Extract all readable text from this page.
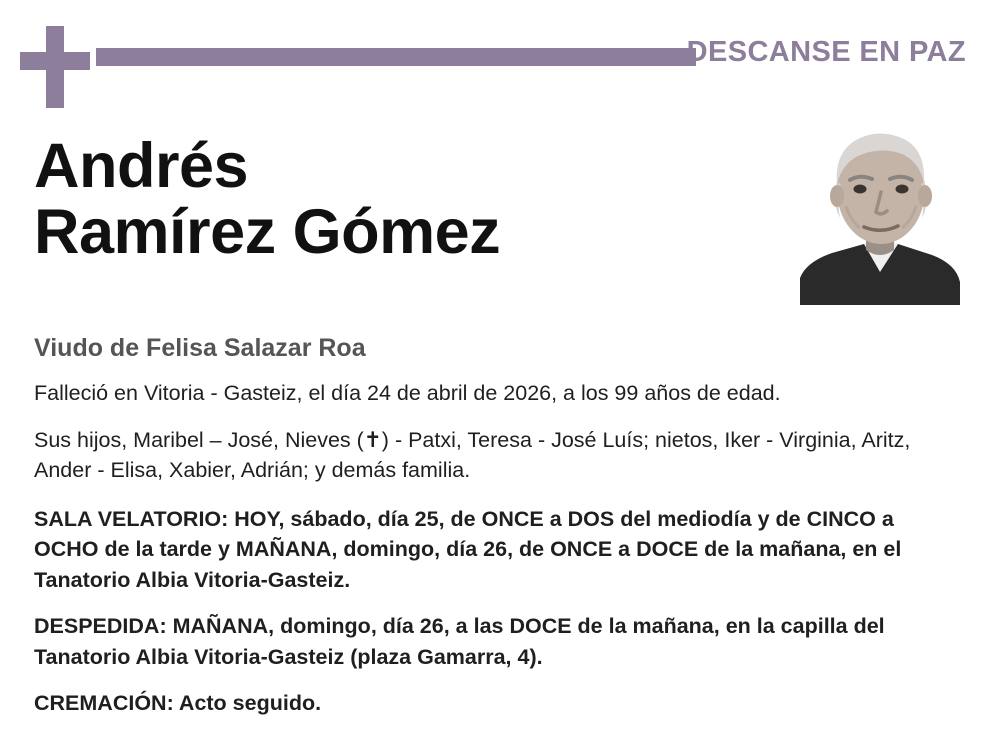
DESCANSE EN PAZ
Andrés
Ramírez Gómez
Viudo de Felisa Salazar Roa

Falleció en Vitoria - Gasteiz, el día 24 de abril de 2026, a los 99 años de edad.

Sus hijos, Maribel – José, Nieves (✝) - Patxi, Teresa - José Luís; nietos, Iker - Virginia, Aritz, Ander - Elisa, Xabier, Adrián; y demás familia.

SALA VELATORIO: HOY, sábado, día 25, de ONCE a DOS del mediodía y de CINCO a OCHO de la tarde y MAÑANA, domingo, día 26, de ONCE a DOCE de la mañana, en el Tanatorio Albia Vitoria-Gasteiz.

DESPEDIDA: MAÑANA, domingo, día 26, a las DOCE de la mañana, en la capilla del Tanatorio Albia Vitoria-Gasteiz (plaza Gamarra, 4).

CREMACIÓN: Acto seguido.
